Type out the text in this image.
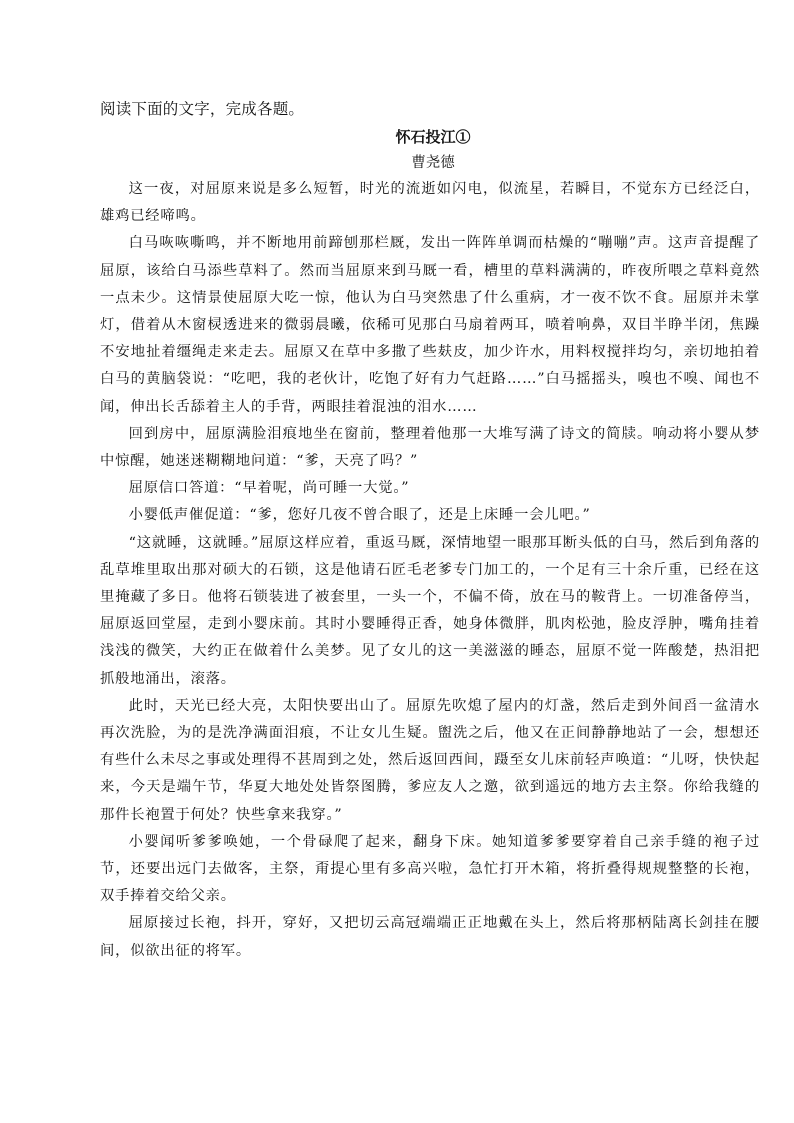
阅读下面的文字，完成各题。

怀石投江①

曹尧德

这一夜，对屈原来说是多么短暂，时光的流逝如闪电，似流星，若瞬目，不觉东方已经泛白，雄鸡已经啼鸣。

白马咴咴嘶鸣，并不断地用前蹄刨那栏厩，发出一阵阵单调而枯燥的“嘣嘣”声。这声音提醒了屈原，该给白马添些草料了。然而当屈原来到马厩一看，槽里的草料满满的，昨夜所喂之草料竟然一点未少。这情景使屈原大吃一惊，他认为白马突然患了什么重病，才一夜不饮不食。屈原并未掌灯，借着从木窗棂透进来的微弱晨曦，依稀可见那白马扇着两耳，喷着响鼻，双目半睁半闭，焦躁不安地扯着缰绳走来走去。屈原又在草中多撒了些麸皮，加少许水，用料杈搅拌均匀，亲切地拍着白马的黄脑袋说：“吃吧，我的老伙计，吃饱了好有力气赶路……”白马摇摇头，嗅也不嗅、闻也不闻，伸出长舌舔着主人的手背，两眼挂着混浊的泪水……

回到房中，屈原满脸泪痕地坐在窗前，整理着他那一大堆写满了诗文的简牍。响动将小婴从梦中惊醒，她迷迷糊糊地问道：“爹，天亮了吗？”

屈原信口答道：“早着呢，尚可睡一大觉。”

小婴低声催促道：“爹，您好几夜不曾合眼了，还是上床睡一会儿吧。”

“这就睡，这就睡。”屈原这样应着，重返马厩，深情地望一眼那耳断头低的白马，然后到角落的乱草堆里取出那对硕大的石锁，这是他请石匠毛老爹专门加工的，一个足有三十余斤重，已经在这里掩藏了多日。他将石锁装进了被套里，一头一个，不偏不倚，放在马的鞍背上。一切准备停当，屈原返回堂屋，走到小婴床前。其时小婴睡得正香，她身体微胖，肌肉松弛，脸皮浮肿，嘴角挂着浅浅的微笑，大约正在做着什么美梦。见了女儿的这一美滋滋的睡态，屈原不觉一阵酸楚，热泪把抓般地涌出，滚落。

此时，天光已经大亮，太阳快要出山了。屈原先吹熄了屋内的灯盏，然后走到外间舀一盆清水再次洗脸，为的是洗净满面泪痕，不让女儿生疑。盥洗之后，他又在正间静静地站了一会，想想还有些什么未尽之事或处理得不甚周到之处，然后返回西间，蹑至女儿床前轻声唤道：“儿呀，快快起来，今天是端午节，华夏大地处处皆祭图腾，爹应友人之邀，欲到遥远的地方去主祭。你给我缝的那件长袍置于何处？快些拿来我穿。”

小婴闻听爹爹唤她，一个骨碌爬了起来，翻身下床。她知道爹爹要穿着自己亲手缝的袍子过节，还要出远门去做客，主祭，甭提心里有多高兴啦，急忙打开木箱，将折叠得规规整整的长袍，双手捧着交给父亲。

屈原接过长袍，抖开，穿好，又把切云高冠端端正正地戴在头上，然后将那柄陆离长剑挂在腰间，似欲出征的将军。
